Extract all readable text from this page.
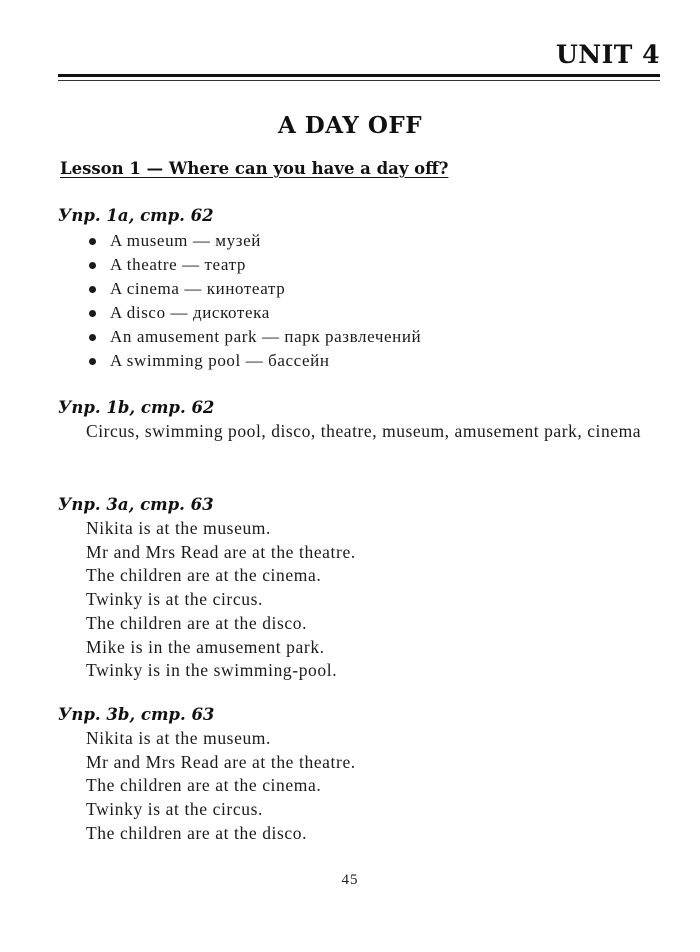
UNIT 4
A DAY OFF
Lesson 1 — Where can you have a day off?
Упр. 1a, стр. 62
A museum — музей
A theatre — театр
A cinema — кинотеатр
A disco — дискотека
An amusement park — парк развлечений
A swimming pool — бассейн
Упр. 1b, стр. 62
Circus, swimming pool, disco, theatre, museum, amusement park, cinema
Упр. 3a, стр. 63
Nikita is at the museum.
Mr and Mrs Read are at the theatre.
The children are at the cinema.
Twinky is at the circus.
The children are at the disco.
Mike is in the amusement park.
Twinky is in the swimming-pool.
Упр. 3b, стр. 63
Nikita is at the museum.
Mr and Mrs Read are at the theatre.
The children are at the cinema.
Twinky is at the circus.
The children are at the disco.
45
